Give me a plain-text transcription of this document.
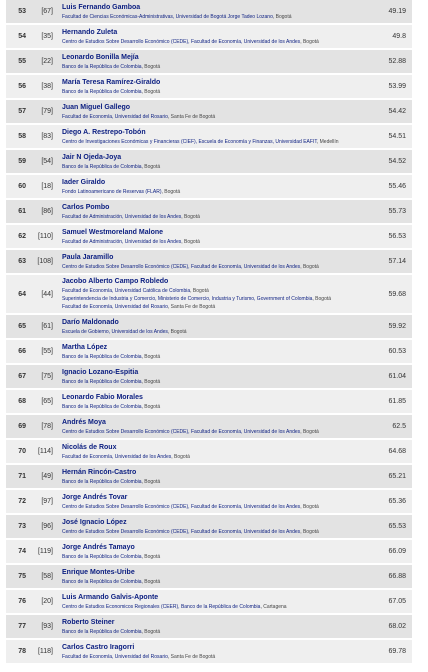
53	[67]
Luis Fernando Gamboa
Facultad de Ciencias Económicas-Administrativas, Universidad de Bogotá Jorge Tadeo Lozano, Bogotá
49.19
54	[35]
Hernando Zuleta
Centro de Estudios Sobre Desarrollo Económico (CEDE), Facultad de Economía, Universidad de los Andes, Bogotá
49.8
55	[22]
Leonardo Bonilla Mejía
Banco de la República de Colombia, Bogotá
52.88
56	[38]
María Teresa Ramírez-Giraldo
Banco de la República de Colombia, Bogotá
53.99
57	[79]
Juan Miguel Gallego
Facultad de Economía, Universidad del Rosario, Santa Fe de Bogotá
54.42
58	[83]
Diego A. Restrepo-Tobón
Centro de Investigaciones Económicas y Financieras (CIEF), Escuela de Economía y Finanzas, Universidad EAFIT, Medellín
54.51
59	[54]
Jair N Ojeda-Joya
Banco de la República de Colombia, Bogotá
54.52
60	[18]
Iader Giraldo
Fondo Latinoamericano de Reservas (FLAR), Bogotá
55.46
61	[86]
Carlos Pombo
Facultad de Administración, Universidad de los Andes, Bogotá
55.73
62	[110]
Samuel Westmoreland Malone
Facultad de Administración, Universidad de los Andes, Bogotá
56.53
63	[108]
Paula Jaramillo
Centro de Estudios Sobre Desarrollo Económico (CEDE), Facultad de Economía, Universidad de los Andes, Bogotá
57.14
64	[44]
Jacobo Alberto Campo Robledo
Facultad de Economía, Universidad Católica de Colombia, Bogotá
Superintendencia de Industria y Comercio, Ministerio de Comercio, Industria y Turismo, Government of Colombia, Bogotá
Facultad de Economía, Universidad del Rosario, Santa Fe de Bogotá
59.68
65	[61]
Darío Maldonado
Escuela de Gobierno, Universidad de los Andes, Bogotá
59.92
66	[55]
Martha López
Banco de la República de Colombia, Bogotá
60.53
67	[75]
Ignacio Lozano-Espitia
Banco de la República de Colombia, Bogotá
61.04
68	[65]
Leonardo Fabio Morales
Banco de la República de Colombia, Bogotá
61.85
69	[78]
Andrés Moya
Centro de Estudios Sobre Desarrollo Económico (CEDE), Facultad de Economía, Universidad de los Andes, Bogotá
62.5
70	[114]
Nicolás de Roux
Facultad de Economía, Universidad de los Andes, Bogotá
64.68
71	[49]
Hernán Rincón-Castro
Banco de la República de Colombia, Bogotá
65.21
72	[97]
Jorge Andrés Tovar
Centro de Estudios Sobre Desarrollo Económico (CEDE), Facultad de Economía, Universidad de los Andes, Bogotá
65.36
73	[96]
José Ignacio López
Centro de Estudios Sobre Desarrollo Económico (CEDE), Facultad de Economía, Universidad de los Andes, Bogotá
65.53
74	[119]
Jorge Andrés Tamayo
Banco de la República de Colombia, Bogotá
66.09
75	[58]
Enrique Montes-Uribe
Banco de la República de Colombia, Bogotá
66.88
76	[20]
Luis Armando Galvis-Aponte
Centro de Estudios Economicos Regionales (CEER), Banco de la República de Colombia, Cartagena
67.05
77	[93]
Roberto Steiner
Banco de la República de Colombia, Bogotá
68.02
78	[118]
Carlos Castro Iragorri
Facultad de Economía, Universidad del Rosario, Santa Fe de Bogotá
69.78
